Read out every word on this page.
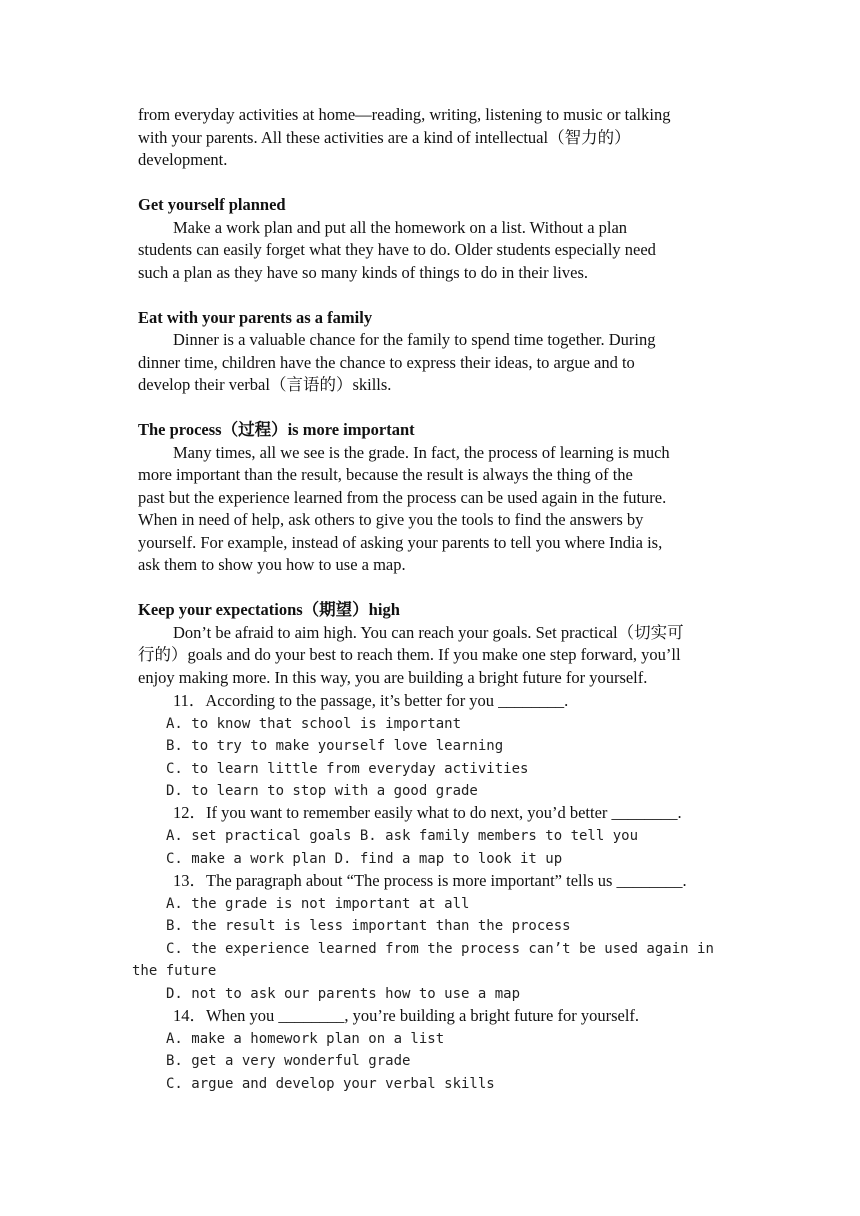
from everyday activities at home—reading, writing, listening to music or talking
with your parents. All these activities are a kind of intellectual（智力的）
development.
Get yourself planned
Make a work plan and put all the homework on a list. Without a plan
students can easily forget what they have to do. Older students especially need
such a plan as they have so many kinds of things to do in their lives.
Eat with your parents as a family
Dinner is a valuable chance for the family to spend time together. During
dinner time, children have the chance to express their ideas, to argue and to
develop their verbal（言语的）skills.
The process（过程）is more important
Many times, all we see is the grade. In fact, the process of learning is much
more important than the result, because the result is always the thing of the
past but the experience learned from the process can be used again in the future.
When in need of help, ask others to give you the tools to find the answers by
yourself. For example, instead of asking your parents to tell you where India is,
ask them to show you how to use a map.
Keep your expectations（期望）high
Don’t be afraid to aim high. You can reach your goals. Set practical（切实可
行的）goals and do your best to reach them. If you make one step forward, you’ll
enjoy making more. In this way, you are building a bright future for yourself.
11．According to the passage, it’s better for you ________.
A. to know that school is important
B. to try to make yourself love learning
C. to learn little from everyday activities
D. to learn to stop with a good grade
12．If you want to remember easily what to do next, you’d better ________.
A. set practical goals B. ask family members to tell you
C. make a work plan D. find a map to look it up
13．The paragraph about “The process is more important” tells us ________.
A. the grade is not important at all
B. the result is less important than the process
C. the experience learned from the process can’t be used again in
the future
D. not to ask our parents how to use a map
14．When you ________, you’re building a bright future for yourself.
A. make a homework plan on a list
B. get a very wonderful grade
C. argue and develop your verbal skills
